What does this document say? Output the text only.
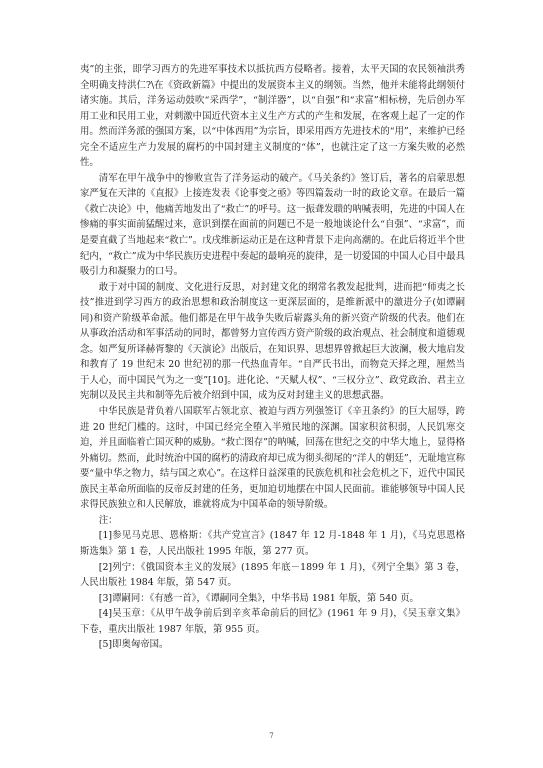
夷”的主张，即学习西方的先进军事技术以抵抗西方侵略者。接着，太平天国的农民领袖洪秀全明确支持洪仁?\在《资政新篇》中提出的发展资本主义的纲领。当然，他并未能将此纲领付诸实施。其后，洋务运动鼓吹“采西学”，“制洋器”，以“自强”和“求富”相标榜，先后创办军用工业和民用工业，对刺激中国近代资本主义生产方式的产生和发展，在客观上起了一定的作用。然而洋务派的强国方案，以“中体西用”为宗旨，即采用西方先进技术的“用”，来维护已经完全不适应生产力发展的腐朽的中国封建主义制度的“体”，也就注定了这一方案失败的必然性。

清军在甲午战争中的惨败宣告了洋务运动的破产。《马关条约》签订后，著名的启蒙思想家严复在天津的《直报》上接连发表《论事变之亟》等四篇轰动一时的政论文章。在最后一篇《救亡决论》中，他痛苦地发出了“救亡”的呼号。这一振聋发聩的呐喊表明，先进的中国人在惨痛的事实面前猛醒过来，意识到摆在面前的问题已不是一般地谈论什么“自强”、“求富”，而是要直截了当地起来“救亡”。戊戌维新运动正是在这种背景下走向高潮的。在此后将近半个世纪内，“救亡”成为中华民族历史进程中奏起的最响亮的旋律，是一切爱国的中国人心目中最具吸引力和凝聚力的口号。

敢于对中国的制度、文化进行反思，对封建文化的纲常名教发起批判，进而把“师夷之长技”推进到学习西方的政治思想和政治制度这一更深层面的，是维新派中的激进分子(如谭嗣同)和资产阶级革命派。他们都是在甲午战争失败后崭露头角的新兴资产阶级的代表。他们在从事政治活动和军事活动的同时，都曾努力宣传西方资产阶级的政治观点、社会制度和道德观念。如严复所译赫胥黎的《天演论》出版后，在知识界、思想界曾掀起巨大波澜，极大地启发和教育了 19 世纪末 20 世纪初的那一代热血青年。“自严氏书出，而物竞天择之理，厘然当于人心，而中国民气为之一变”[10]。进化论、“天赋人权”、“三权分立”、政党政治、君主立宪制以及民主共和制等先后被介绍到中国，成为反对封建主义的思想武器。

中华民族是背负着八国联军占领北京、被迫与西方列强签订《辛丑条约》的巨大屈辱，跨进 20 世纪门槛的。这时，中国已经完全堕入半殖民地的深渊。国家积贫积弱，人民饥寒交迫，并且面临着亡国灭种的威胁。“救亡图存”的呐喊，回荡在世纪之交的中华大地上，显得格外痛切。然而，此时统治中国的腐朽的清政府却已成为彻头彻尾的“洋人的朝廷”，无耻地宣称要“量中华之物力，结与国之欢心”。在这样日益深重的民族危机和社会危机之下，近代中国民族民主革命所面临的反帝反封建的任务，更加迫切地摆在中国人民面前。谁能够领导中国人民求得民族独立和人民解放，谁就将成为中国革命的领导阶级。

注：

[1]参见马克思、恩格斯：《共产党宣言》(1847 年 12 月-1848 年 1 月)，《马克思恩格斯选集》第 1 卷，人民出版社 1995 年版，第 277 页。

[2]列宁：《俄国资本主义的发展》(1895 年底－1899 年 1 月)，《列宁全集》第 3 卷，人民出版社 1984 年版，第 547 页。

[3]谭嗣同：《有感一首》，《谭嗣同全集》，中华书局 1981 年版，第 540 页。

[4]吴玉章：《从甲午战争前后到辛亥革命前后的回忆》(1961 年 9 月)，《吴玉章文集》下卷，重庆出版社 1987 年版，第 955 页。

[5]即奥匈帝国。

7
